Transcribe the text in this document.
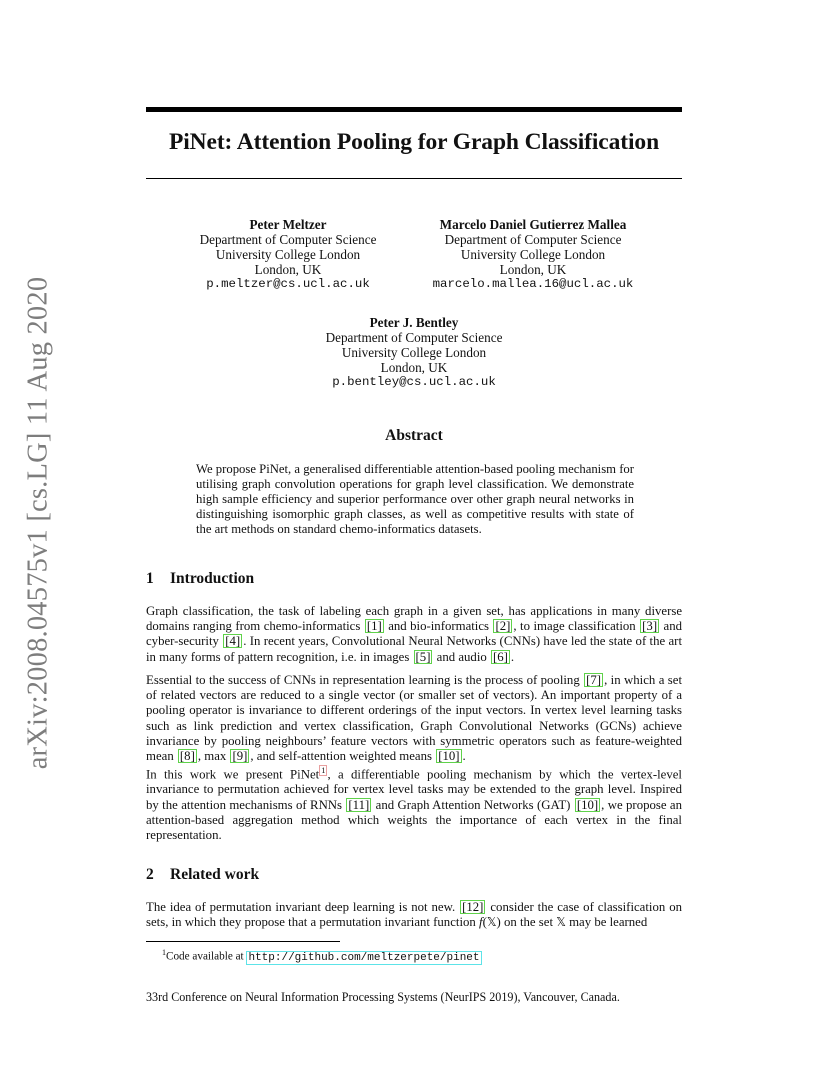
arXiv:2008.04575v1 [cs.LG] 11 Aug 2020
PiNet: Attention Pooling for Graph Classification
Peter Meltzer
Department of Computer Science
University College London
London, UK
p.meltzer@cs.ucl.ac.uk
Marcelo Daniel Gutierrez Mallea
Department of Computer Science
University College London
London, UK
marcelo.mallea.16@ucl.ac.uk
Peter J. Bentley
Department of Computer Science
University College London
London, UK
p.bentley@cs.ucl.ac.uk
Abstract
We propose PiNet, a generalised differentiable attention-based pooling mechanism for utilising graph convolution operations for graph level classification. We demonstrate high sample efficiency and superior performance over other graph neural networks in distinguishing isomorphic graph classes, as well as competitive results with state of the art methods on standard chemo-informatics datasets.
1 Introduction

Graph classification, the task of labeling each graph in a given set, has applications in many diverse domains ranging from chemo-informatics [1] and bio-informatics [2] , to image classification [3] and cyber-security [4] . In recent years, Convolutional Neural Networks (CNNs) have led the state of the art in many forms of pattern recognition, i.e. in images [5] and audio [6] .

Essential to the success of CNNs in representation learning is the process of pooling [7] , in which a set of related vectors are reduced to a single vector (or smaller set of vectors). An important property of a pooling operator is invariance to different orderings of the input vectors. In vertex level learning tasks such as link prediction and vertex classification, Graph Convolutional Networks (GCNs) achieve invariance by pooling neighbours’ feature vectors with symmetric operators such as feature-weighted mean [8] , max [9] , and self-attention weighted means [10] .

In this work we present PiNet 1 , a differentiable pooling mechanism by which the vertex-level invariance to permutation achieved for vertex level tasks may be extended to the graph level. Inspired by the attention mechanisms of RNNs [11] and Graph Attention Networks (GAT) [10] , we propose an attention-based aggregation method which weights the importance of each vertex in the final representation.

2 Related work

The idea of permutation invariant deep learning is not new. [12] consider the case of classification on sets, in which they propose that a permutation invariant function f(𝕏) on the set 𝕏 may be learned

$^1$Code available at http://github.com/meltzerpete/pinet
33rd Conference on Neural Information Processing Systems (NeurIPS 2019), Vancouver, Canada.
